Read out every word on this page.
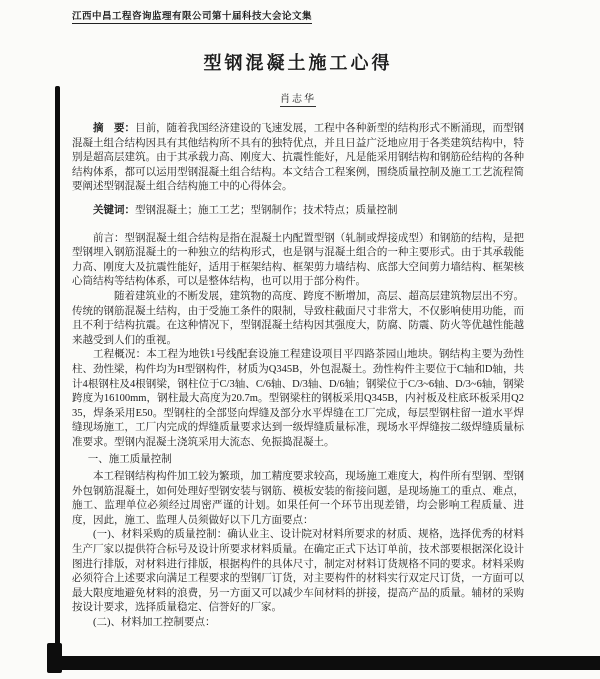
江西中昌工程咨询监理有限公司第十届科技大会论文集
型钢混凝土施工心得
肖志华

摘　要：目前，随着我国经济建设的飞速发展，工程中各种新型的结构形式不断涌现，而型钢混凝土组合结构因具有其他结构所不具有的独特优点，并且日益广泛地应用于各类建筑结构中，特别是超高层建筑。由于其承载力高、刚度大、抗震性能好，凡是能采用钢结构和钢筋砼结构的各种结构体系，都可以运用型钢混凝土组合结构。本文结合工程案例，围绕质量控制及施工工艺流程简要阐述型钢混凝土组合结构施工中的心得体会。

关键词：型钢混凝土；施工工艺；型钢制作；技术特点；质量控制

前言：型钢混凝土组合结构是指在混凝土内配置型钢（轧制或焊接成型）和钢筋的结构，是把型钢埋入钢筋混凝土的一种独立的结构形式，也是钢与混凝土组合的一种主要形式。由于其承载能力高、刚度大及抗震性能好，适用于框架结构、框架剪力墙结构、底部大空间剪力墙结构、框架核心筒结构等结构体系，可以是整体结构，也可以用于部分构件。

随着建筑业的不断发展，建筑物的高度、跨度不断增加，高层、超高层建筑物层出不穷。传统的钢筋混凝土结构，由于受施工条件的限制，导致柱截面尺寸非常大，不仅影响使用功能，而且不利于结构抗震。在这种情况下，型钢混凝土结构因其强度大，防腐、防震、防火等优越性能越来越受到人们的重视。

工程概况：本工程为地铁1号线配套设施工程建设项目平四路茶园山地块。钢结构主要为劲性柱、劲性梁，构件均为H型钢构件，材质为Q345B，外包混凝土。劲性构件主要位于C轴和D轴，共计4根钢柱及4根钢梁，钢柱位于C/3轴、C/6轴、D/3轴、D/6轴；钢梁位于C/3~6轴、D/3~6轴，钢梁跨度为16100mm，钢柱最大高度为20.7m。型钢梁柱的钢板采用Q345B，内衬板及柱底环板采用Q235，焊条采用E50。型钢柱的全部竖向焊缝及部分水平焊缝在工厂完成，每层型钢柱留一道水平焊缝现场施工，工厂内完成的焊缝质量要求达到一级焊缝质量标准，现场水平焊缝按二级焊缝质量标准要求。型钢内混凝土浇筑采用大流态、免振捣混凝土。

一、施工质量控制

本工程钢结构构件加工较为繁琐，加工精度要求较高，现场施工难度大，构件所有型钢、型钢外包钢筋混凝土，如何处理好型钢安装与钢筋、模板安装的衔接问题，是现场施工的重点、难点，施工、监理单位必须经过周密严谨的计划。如果任何一个环节出现差错，均会影响工程质量、进度，因此，施工、监理人员须做好以下几方面要点：

(一)、材料采购的质量控制：确认业主、设计院对材料所要求的材质、规格，选择优秀的材料生产厂家以提供符合标号及设计所要求材料质量。在确定正式下达订单前，技术部要根据深化设计图进行排版，对材料进行排版，根据构件的具体尺寸，制定对材料订货规格不同的要求。材料采购必须符合上述要求向满足工程要求的型钢厂订货，对主要构件的材料实行双定尺订货，一方面可以最大限度地避免材料的浪费，另一方面又可以减少车间材料的拼接，提高产品的质量。辅材的采购按设计要求，选择质量稳定、信誉好的厂家。

(二)、材料加工控制要点：
